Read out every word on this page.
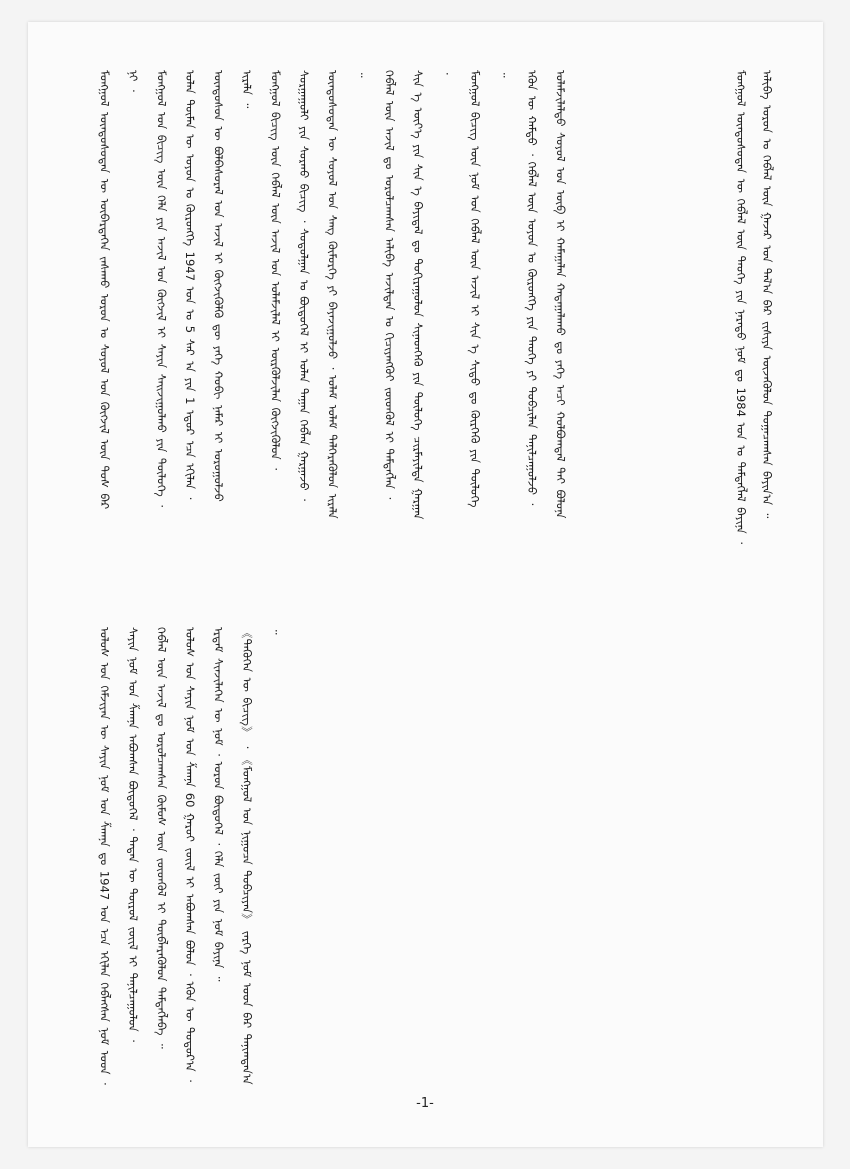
ᠮᠣᠩᠭᠣᠯ ᠦᠨᠳᠦᠰᠦᠲᠡᠨ ᠦ ᠦᠪᠡᠷᠲᠡᠭᠡᠨ ᠵᠠᠰᠠᠬᠤ ᠣᠷᠤᠨ ᠤ ᠰᠣᠶᠣᠯ ᠤᠨ ᠬᠥᠭᠵᠢᠯ ᠦᠨ ᠲᠤᠰ ᠪᠠᠷ ᠨᠢ ᠂	ᠮᠣᠩᠭᠣᠯ ᠤᠨ ᠪᠢᠴᠢᠭ ᠦᠨ ᠬᠡᠯᠡ ᠶᠢᠨ ᠠᠵᠢᠯ ᠤᠨ ᠬᠥᠭᠵᠢᠯ ᠢ ᠰᠠᠶᠢᠨ ᠰᠠᠢᠵᠢᠭᠤᠯᠬᠤ ᠶᠢᠨ ᠲᠥᠯᠦᠭᠡ ᠂	ᠣᠯᠠᠨ ᠲᠦᠮᠡᠨ ᠦ ᠣᠶᠤᠨ ᠤ ᠬᠥᠷᠦᠩᠭᠡ 1947 ᠣᠨ ᠤ 5 ᠰᠠᠷ ᠠ ᠶᠢᠨ 1 ᠡᠳᠦᠷ ᠡᠴᠡ ᠡᠬᠢᠯᠡᠨ ᠂	ᠦᠨᠳᠦᠰᠦᠨ ᠦ ᠪᠣᠯᠪᠠᠰᠤᠷᠠᠯ ᠤᠨ ᠠᠵᠢᠯ ᠢ ᠬᠥᠭᠵᠢᠭᠦᠯᠬᠦ ᠳᠦ ᠶᠡᠬᠡ ᠬᠤᠪᠢ ᠨᠡᠮᠡᠷ ᠢ ᠣᠷᠤᠭᠤᠯᠵᠤ ᠢᠷᠡᠯᠡ ᠃	ᠮᠣᠩᠭᠣᠯ ᠪᠢᠴᠢᠭ ᠦᠨ ᠬᠡᠪᠯᠡᠯ ᠦᠨ ᠠᠵᠢᠯ ᠤᠨ ᠤᠯᠠᠮᠵᠢᠯᠠᠯ ᠢ ᠦᠷᠭᠦᠯᠵᠢᠯᠡᠨ ᠬᠥᠭᠵᠢᠭᠦᠯᠦᠨ ᠂	ᠰᠤᠷᠭᠠᠭᠤᠯᠢ ᠶᠢᠨ ᠰᠤᠷᠬᠤ ᠪᠢᠴᠢᠭ ᠂ ᠰᠤᠳᠤᠯᠭᠠᠨ ᠤ ᠪᠦᠲᠦᠭᠡᠯ ᠢ ᠣᠯᠠᠨ ᠳᠠᠭᠠᠨ ᠬᠡᠪᠯᠡᠨ ᠭᠠᠷᠭᠠᠵᠤ ᠂	ᠦᠨᠳᠦᠰᠦᠲᠡᠨ ᠦ ᠰᠣᠶᠣᠯ ᠤᠨ ᠰᠠᠩ ᠬᠥᠮᠦᠷᠭᠡ ᠶᠢ ᠪᠠᠶᠠᠵᠢᠭᠤᠯᠵᠤ ᠂ ᠤᠯᠠᠮ ᠤᠯᠠᠮ ᠳᠡᠯᠭᠡᠷᠡᠭᠦᠯᠦᠨ ᠢᠷᠡᠯᠡ ᠃	ᠬᠡᠪᠯᠡᠯ ᠦᠨ ᠠᠵᠢᠯ ᠳᠤ ᠣᠷᠤᠯᠴᠠᠭᠰᠠᠨ ᠠᠯᠢᠪᠠ ᠠᠵᠢᠯᠲᠠᠨ ᠤ ᠬᠢᠴᠢᠶᠡᠩᠭᠦᠢ ᠵᠦᠳᠬᠦᠯ ᠢ ᠲᠡᠮᠳᠡᠭᠯᠡᠨ ᠂	ᠰᠢᠨ ᠡ ᠦᠶ᠎ᠡ ᠶᠢᠨ ᠰᠢᠨ ᠡ ᠪᠠᠶᠢᠳᠠᠯ ᠳᠤ ᠲᠣᠬᠢᠷᠠᠭᠤᠯᠤᠨ ᠰᠢᠨᠡᠳᠬᠡᠬᠦ ᠶᠢᠨ ᠲᠥᠯᠦᠭᠡ ᠴᠢᠷᠮᠠᠶᠢᠯᠲᠠ ᠭᠠᠷᠭᠠᠨ ᠂	ᠮᠣᠩᠭᠣᠯ ᠪᠢᠴᠢᠭ ᠦᠨ ᠨᠣᠮ ᠤᠨ ᠬᠡᠪᠯᠡᠯ ᠦᠨ ᠠᠵᠢᠯ ᠢ ᠰᠢᠨ ᠡ ᠰᠢᠲᠦ ᠳᠤ ᠬᠦᠷᠭᠡᠬᠦ ᠶᠢᠨ ᠲᠥᠯᠦᠭᠡ ᠃	ᠡᠭᠦᠨ ᠦ ᠬᠠᠮᠲᠤ ᠂ ᠬᠡᠪᠯᠡᠯ ᠦᠨ ᠣᠶᠤᠨ ᠤ ᠬᠥᠷᠦᠩᠭᠡ ᠶᠢᠨ ᠲᠡᠦᠬᠡ ᠶᠢ ᠲᠣᠪᠴᠢᠯᠠᠨ ᠲᠠᠨᠢᠯᠴᠠᠭᠤᠯᠵᠤ ᠂	ᠤᠯᠠᠮᠵᠢᠯᠠᠯᠲᠤ ᠰᠣᠶᠣᠯ ᠤᠨ ᠦᠪ ᠢ ᠬᠠᠮᠠᠭᠠᠯᠠᠨ ᠬᠠᠳᠠᠭᠠᠯᠠᠬᠤ ᠳᠤ ᠶᠡᠬᠡ ᠠᠴᠢ ᠬᠣᠯᠪᠤᠭᠳᠠᠯ ᠲᠠᠢ ᠪᠣᠯᠤᠨᠠ	ᠮᠣᠩᠭᠣᠯ ᠦᠨᠳᠦᠰᠦᠲᠡᠨ ᠦ ᠬᠡᠪᠯᠡᠯ ᠦᠨ ᠲᠡᠦᠬᠡ ᠶᠢᠨ ᠨᠡᠷᠡᠲᠦ ᠨᠣᠮ ᠳᠤ 1984 ᠣᠨ ᠤ ᠲᠡᠮᠳᠡᠭᠯᠡᠯ ᠪᠠᠶᠢᠨᠠ ᠂	ᠠᠯᠢᠪᠠ ᠣᠷᠤᠨ ᠤ ᠬᠡᠪᠯᠡᠯ ᠦᠨ ᠭᠠᠵᠠᠷ ᠤᠨ ᠲᠠᠯ᠎ᠠ ᠪᠠᠷ ᠵᠢᠱᠢᠶᠡ ᠦᠵᠡᠭᠦᠯᠦᠨ ᠲᠣᠭᠠᠴᠠᠭᠰᠠᠨ ᠪᠠᠶᠢᠨ᠎ᠠ ᠃
ᠤᠯᠤᠰ ᠤᠨ ᠬᠡᠮᠵᠢᠶᠡᠨ ᠦ ᠰᠠᠶᠢᠨ ᠨᠣᠮ ᠤᠨ ᠱᠠᠭᠨᠠ ᠳᠤ 1947 ᠣᠨ ᠡᠴᠡ ᠡᠬᠢᠯᠡᠨ ᠬᠡᠪᠯᠡᠭᠰᠡᠨ ᠨᠣᠮ ᠤᠳ ᠂	ᠰᠠᠶᠢᠨ ᠨᠣᠮ ᠤᠨ ᠱᠠᠭᠨᠠ ᠠᠪᠤᠭᠰᠠᠨ ᠪᠦᠲᠦᠭᠡᠯ ᠂ ᠲᠡᠳᠡᠨ ᠦ ᠲᠦᠷᠦᠯ ᠵᠦᠢᠯ ᠢ ᠲᠠᠨᠢᠯᠴᠠᠭᠤᠯᠤᠨ ᠂	ᠬᠡᠪᠯᠡᠯ ᠦᠨ ᠠᠵᠢᠯ ᠳᠤ ᠣᠷᠤᠯᠴᠠᠭᠰᠠᠨ ᠬᠥᠮᠦᠰ ᠦᠨ ᠵᠦᠳᠬᠦᠯ ᠢ ᠲᠥᠪᠯᠡᠷᠡᠭᠦᠯᠦᠨ ᠲᠡᠮᠳᠡᠭᠯᠡᠪᠡ ᠃	ᠤᠯᠤᠰ ᠤᠨ ᠰᠠᠶᠢᠨ ᠨᠣᠮ ᠤᠨ ᠱᠠᠭᠨᠠ 60 ᠭᠠᠷᠤᠢ ᠵᠦᠢᠯ ᠢ ᠠᠪᠤᠭᠰᠠᠨ ᠪᠣᠯᠤᠨ ᠂ ᠡᠭᠦᠨ ᠦ ᠳᠤᠲᠤᠷ᠎ᠠ ᠂	ᠡᠷᠳᠡᠮ ᠰᠢᠨᠵᠢᠯᠡᠭᠡᠨ ᠦ ᠨᠣᠮ ᠂ ᠤᠷᠤᠨ ᠪᠦᠲᠦᠭᠡᠯ ᠂ ᠬᠡᠯᠡ ᠵᠦᠢ ᠶᠢᠨ ᠨᠣᠮ ᠪᠠᠶᠢᠨᠠ ᠃	《ᠲᠡᠭᠦᠬᠡᠨ ᠦ ᠪᠢᠴᠢᠭ》 ᠂ 《ᠮᠣᠩᠭᠣᠯ ᠤᠨ ᠨᠢᠭᠤᠴᠠ ᠲᠣᠪᠴᠢᠶᠠᠨ》 ᠵᠡᠷᠭᠡ ᠨᠣᠮ ᠤᠳ ᠪᠠᠷ ᠲᠠᠨᠢᠭᠳᠠᠨ᠎ᠠ ᠃
-1-
